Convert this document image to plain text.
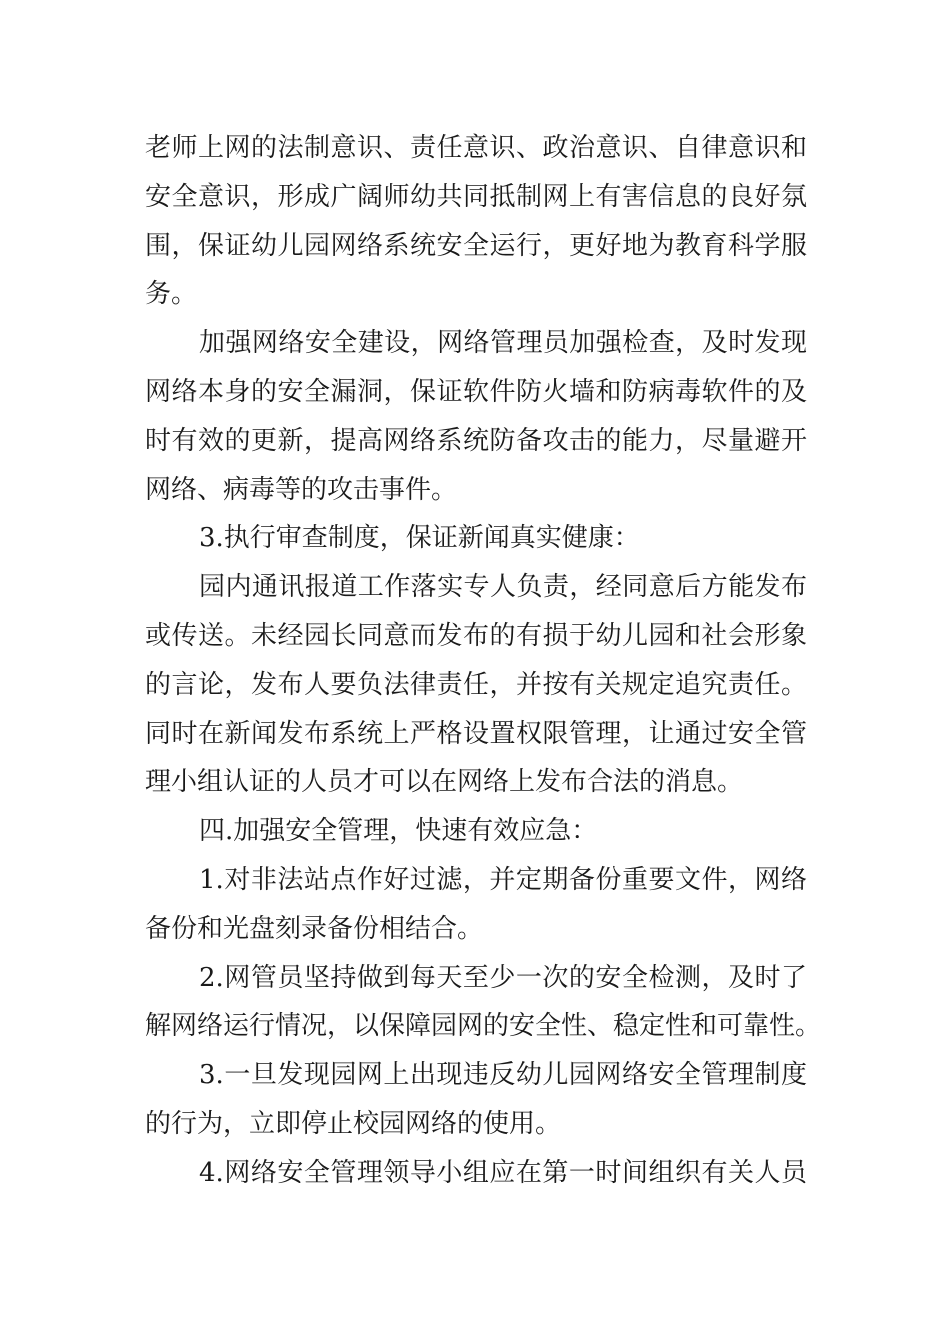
老师上网的法制意识、责任意识、政治意识、自律意识和
安全意识，形成广阔师幼共同抵制网上有害信息的良好氛
围，保证幼儿园网络系统安全运行，更好地为教育科学服
务。
加强网络安全建设，网络管理员加强检查，及时发现
网络本身的安全漏洞，保证软件防火墙和防病毒软件的及
时有效的更新，提高网络系统防备攻击的能力，尽量避开
网络、病毒等的攻击事件。
3.执行审查制度，保证新闻真实健康：
园内通讯报道工作落实专人负责，经同意后方能发布
或传送。未经园长同意而发布的有损于幼儿园和社会形象
的言论，发布人要负法律责任，并按有关规定追究责任。
同时在新闻发布系统上严格设置权限管理，让通过安全管
理小组认证的人员才可以在网络上发布合法的消息。
四.加强安全管理，快速有效应急：
1.对非法站点作好过滤，并定期备份重要文件，网络
备份和光盘刻录备份相结合。
2.网管员坚持做到每天至少一次的安全检测，及时了
解网络运行情况，以保障园网的安全性、稳定性和可靠性。
3.一旦发现园网上出现违反幼儿园网络安全管理制度
的行为，立即停止校园网络的使用。
4.网络安全管理领导小组应在第一时间组织有关人员
